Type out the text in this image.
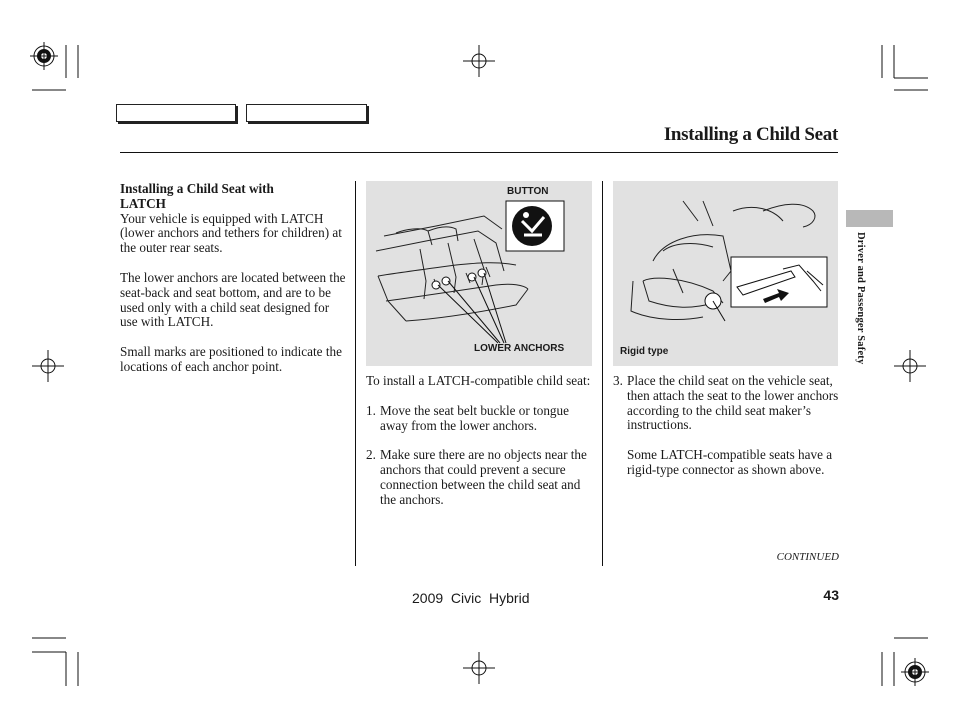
Installing a Child Seat

Installing a Child Seat with LATCH

Your vehicle is equipped with LATCH (lower anchors and tethers for children) at the outer rear seats.

The lower anchors are located between the seat-back and seat bottom, and are to be used only with a child seat designed for use with LATCH.

Small marks are positioned to indicate the locations of each anchor point.

BUTTON
LOWER ANCHORS

To install a LATCH-compatible child seat:

1. Move the seat belt buckle or tongue away from the lower anchors.
2. Make sure there are no objects near the anchors that could prevent a secure connection between the child seat and the anchors.
Rigid type
3. Place the child seat on the vehicle seat, then attach the seat to the lower anchors according to the child seat maker’s instructions.

Some LATCH-compatible seats have a rigid-type connector as shown above.

Driver and Passenger Safety
CONTINUED
2009  Civic  Hybrid	43
